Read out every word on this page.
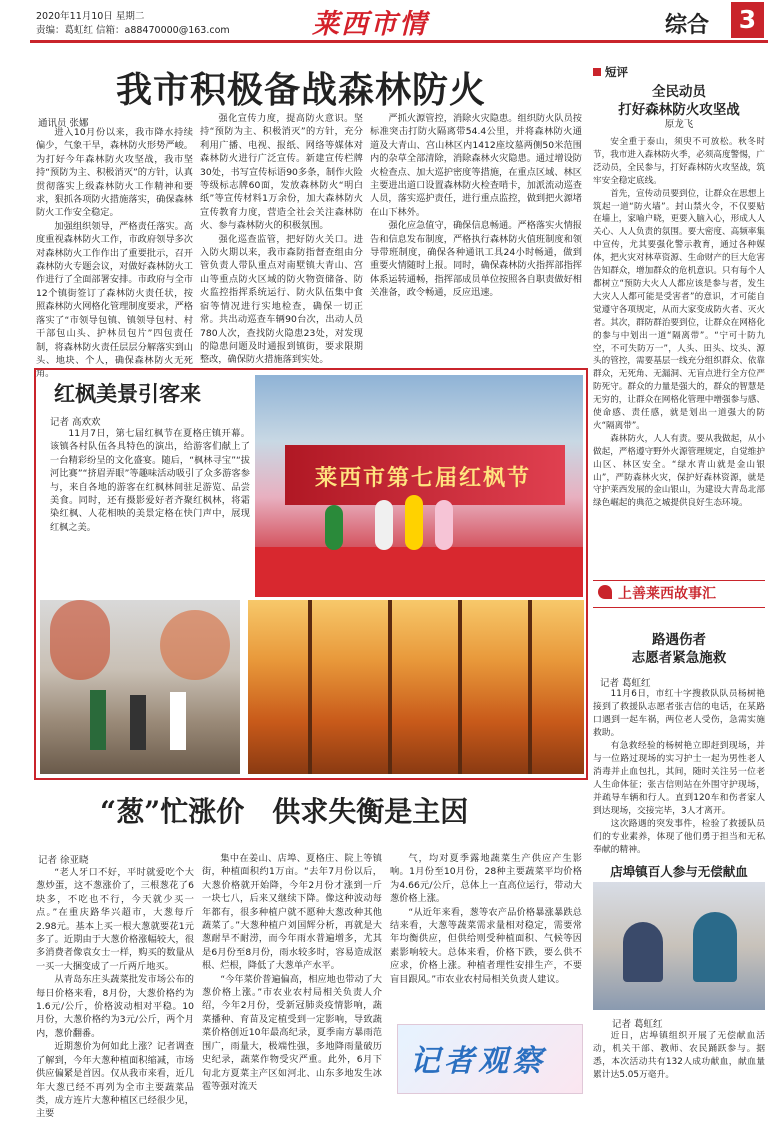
2020年11月10日 星期二
责编：葛虹红 信箱：a88470000@163.com	莱西市情	综合	3
我市积极备战森林防火
通讯员 张娜

进入10月份以来，我市降水持续偏少，气象干旱，森林防火形势严峻。为打好今年森林防火攻坚战，我市坚持“预防为主、积极消灭”的方针，认真贯彻落实上级森林防火工作精神和要求，狠抓各项防火措施落实，确保森林防火工作安全稳定。

加强组织领导，严格责任落实。高度重视森林防火工作，市政府领导多次对森林防火工作作出了重要批示，召开森林防火专题会议，对做好森林防火工作进行了全面部署安排。市政府与全市12个镇街签订了森林防火责任状，按照森林防火网格化管理制度要求，严格落实了“市领导包镇、镇领导包村、村干部包山头、护林员包片”四包责任制，将森林防火责任层层分解落实到山头、地块、个人，确保森林防火无死角。

强化宣传力度，提高防火意识。坚持“预防为主、积极消灭”的方针，充分利用广播、电视、报纸、网络等媒体对森林防火进行广泛宣传。新建宣传栏牌30处，书写宣传标语90多条，制作火险等级标志牌60面，发放森林防火“明白纸”等宣传材料1万余份，加大森林防火宣传教育力度，营造全社会关注森林防火、参与森林防火的积极氛围。

强化巡查监管，把好防火关口。进入防火期以来，我市森防指督查组由分管负责人带队重点对南墅镇大青山、宫山等重点防火区域的防火物资储备、防火监控指挥系统运行、防火队伍集中食宿等情况进行实地检查，确保一切正常。共出动巡查车辆90台次，出动人员780人次，查找防火隐患23处，对发现的隐患问题及时通报到镇街，要求限期整改，确保防火措施落到实处。

严抓火源管控，消除火灾隐患。组织防火队员按标准突击打防火隔离带54.4公里，并将森林防火通道及大青山、宫山林区内1412座坟墓两侧50米范围内的杂草全部清除，消除森林火灾隐患。通过增设防火检查点、加大巡护密度等措施，在重点区域、林区主要进出道口设置森林防火检查哨卡，加派流动巡查人员，落实巡护责任，进行重点监控，做到把火源堵在山下林外。

强化应急值守，确保信息畅通。严格落实火情报告和信息发布制度，严格执行森林防火值班制度和领导带班制度，确保各种通讯工具24小时畅通，做到重要火情随时上报。同时，确保森林防火指挥部指挥体系运转通畅，指挥部成员单位按照各自职责做好相关准备，政令畅通，反应迅速。

红枫美景引客来
记者 高欢欢
11月7日，第七届红枫节在夏格庄镇开幕。该镇各村队伍各具特色的演出，给游客们献上了一台精彩纷呈的文化盛宴。随后，“枫林寻宝”“拔河比赛”“挤眉弄眼”等趣味活动吸引了众多游客参与，来自各地的游客在红枫林间驻足游览、品尝美食。同时，还有摄影爱好者齐聚红枫林，将霜染红枫、人花相映的美景定格在快门声中，展现红枫之美。
莱西市第七届红枫节
“葱”忙涨价　供求失衡是主因
记者 徐亚晓

“老人牙口不好，平时就爱吃个大葱炒蛋，这不葱涨价了，三根葱花了6块多，不吃也不行，今天就少买一点。”在重庆路华兴超市，大葱每斤2.98元。基本上买一根大葱就要花1元多了。近期由于大葱价格涨幅较大，很多消费者像袁女士一样，购买的数量从一买一大捆变成了一斤两斤地买。

从青岛东庄头蔬菜批发市场公布的每日价格来看，8月份，大葱价格约为1.6元/公斤，价格波动相对平稳。10月份，大葱价格约为3元/公斤，两个月内，葱价翻番。

近期葱价为何如此上涨？记者调查了解到，今年大葱种植面积缩减，市场供应偏紧是首因。仅从我市来看，近几年大葱已经不再列为全市主要蔬菜品类，成方连片大葱种植区已经很少见，主要

集中在姜山、店埠、夏格庄、院上等镇街，种植面积约1万亩。“去年7月份以后，大葱价格就开始降，今年2月份才涨到一斤一块七八，后来又继续下降。像这种波动每年都有，很多种植户就不愿种大葱改种其他蔬菜了。”大葱种植户刘国辉分析，再就是大葱耐旱不耐涝，而今年雨水普遍增多，尤其是6月份至8月份，雨水较多时，容易造成沤根、烂根，降低了大葱单产水平。

“今年菜价普遍偏高，相应地也带动了大葱价格上涨。”市农业农村局相关负责人介绍，今年2月份，受新冠肺炎疫情影响，蔬菜播种、育苗及定植受到一定影响，导致蔬菜价格创近10年最高纪录，夏季南方暴雨范围广，雨量大，极端性强，多地降雨量破历史纪录，蔬菜作物受灾严重。此外，6月下旬北方夏菜主产区如河北、山东多地发生冰雹等强对流天

气，均对夏季露地蔬菜生产供应产生影响。1月份至10月份，28种主要蔬菜平均价格为4.66元/公斤，总体上一直高位运行，带动大葱价格上涨。

“从近年来看，葱等农产品价格暴涨暴跌总结来看，大葱等蔬菜需求量相对稳定，需要常年均衡供应，但供给则受种植面积、气候等因素影响较大。总体来看，价格下跌，要么供不应求，价格上涨。种植者理性安排生产，不要盲目跟风。”市农业农村局相关负责人建议。

记者观察
短评
全民动员
打好森林防火攻坚战
原龙飞

安全重于泰山，须臾不可放松。秋冬时节，我市进入森林防火季，必须高度警惕，广泛动员，全民参与，打好森林防火攻坚战，筑牢安全稳定底线。

首先，宣传动员要到位，让群众在思想上筑起一道“防火墙”。封山禁火令，不仅要贴在墙上，家喻户晓，更要入脑入心，形成人人关心、人人负责的氛围。要大密度、高频率集中宣传，尤其要强化警示教育，通过各种媒体，把火灾对林草资源、生命财产的巨大危害告知群众，增加群众的危机意识。只有每个人都树立“预防大火人人都应该是参与者，发生大灾人人都可能是受害者”的意识，才可能自觉遵守各项规定，从而大家变成防火者、灭火者。其次，群防群治要到位，让群众在网格化的参与中划出一道“隔离带”。“宁可十防九空，不可失防万一”，人头、田头、坟头、源头的管控，需要基层一线充分组织群众、依靠群众，无死角、无漏洞、无盲点进行全方位严防死守。群众的力量是强大的，群众的智慧是无穷的，让群众在网格化管理中增强参与感、使命感、责任感，就是划出一道强大的防火“隔离带”。

森林防火，人人有责。要从我做起，从小做起，严格遵守野外火源管理规定，自觉维护山区、林区安全。“绿水青山就是金山银山”，严防森林火灾，保护好森林资源，就是守护莱西发展的金山银山，为建设大青岛北部绿色崛起的典范之城提供良好生态环境。

上善莱西故事汇
路遇伤者
志愿者紧急施救
记者 葛虹红

11月6日，市红十字搜救队队员杨树艳接到了救援队志愿者张吉信的电话，在某路口遇到一起车祸，两位老人受伤，急需实施救助。

有急救经验的杨树艳立即赶到现场，并与一位路过现场的实习护士一起为男性老人消毒并止血包扎，其间，随时关注另一位老人生命体征；张吉信则站在外围守护现场，并疏导车辆和行人。直到120车和伤者家人到达现场，交接完毕，3人才离开。

这次路遇的突发事件，检验了救援队员们的专业素养，体现了他们勇于担当和无私奉献的精神。

店埠镇百人参与无偿献血
记者 葛虹红
近日，店埠镇组织开展了无偿献血活动，机关干部、教师、农民踊跃参与。据悉，本次活动共有132人成功献血，献血量累计达5.05万毫升。
